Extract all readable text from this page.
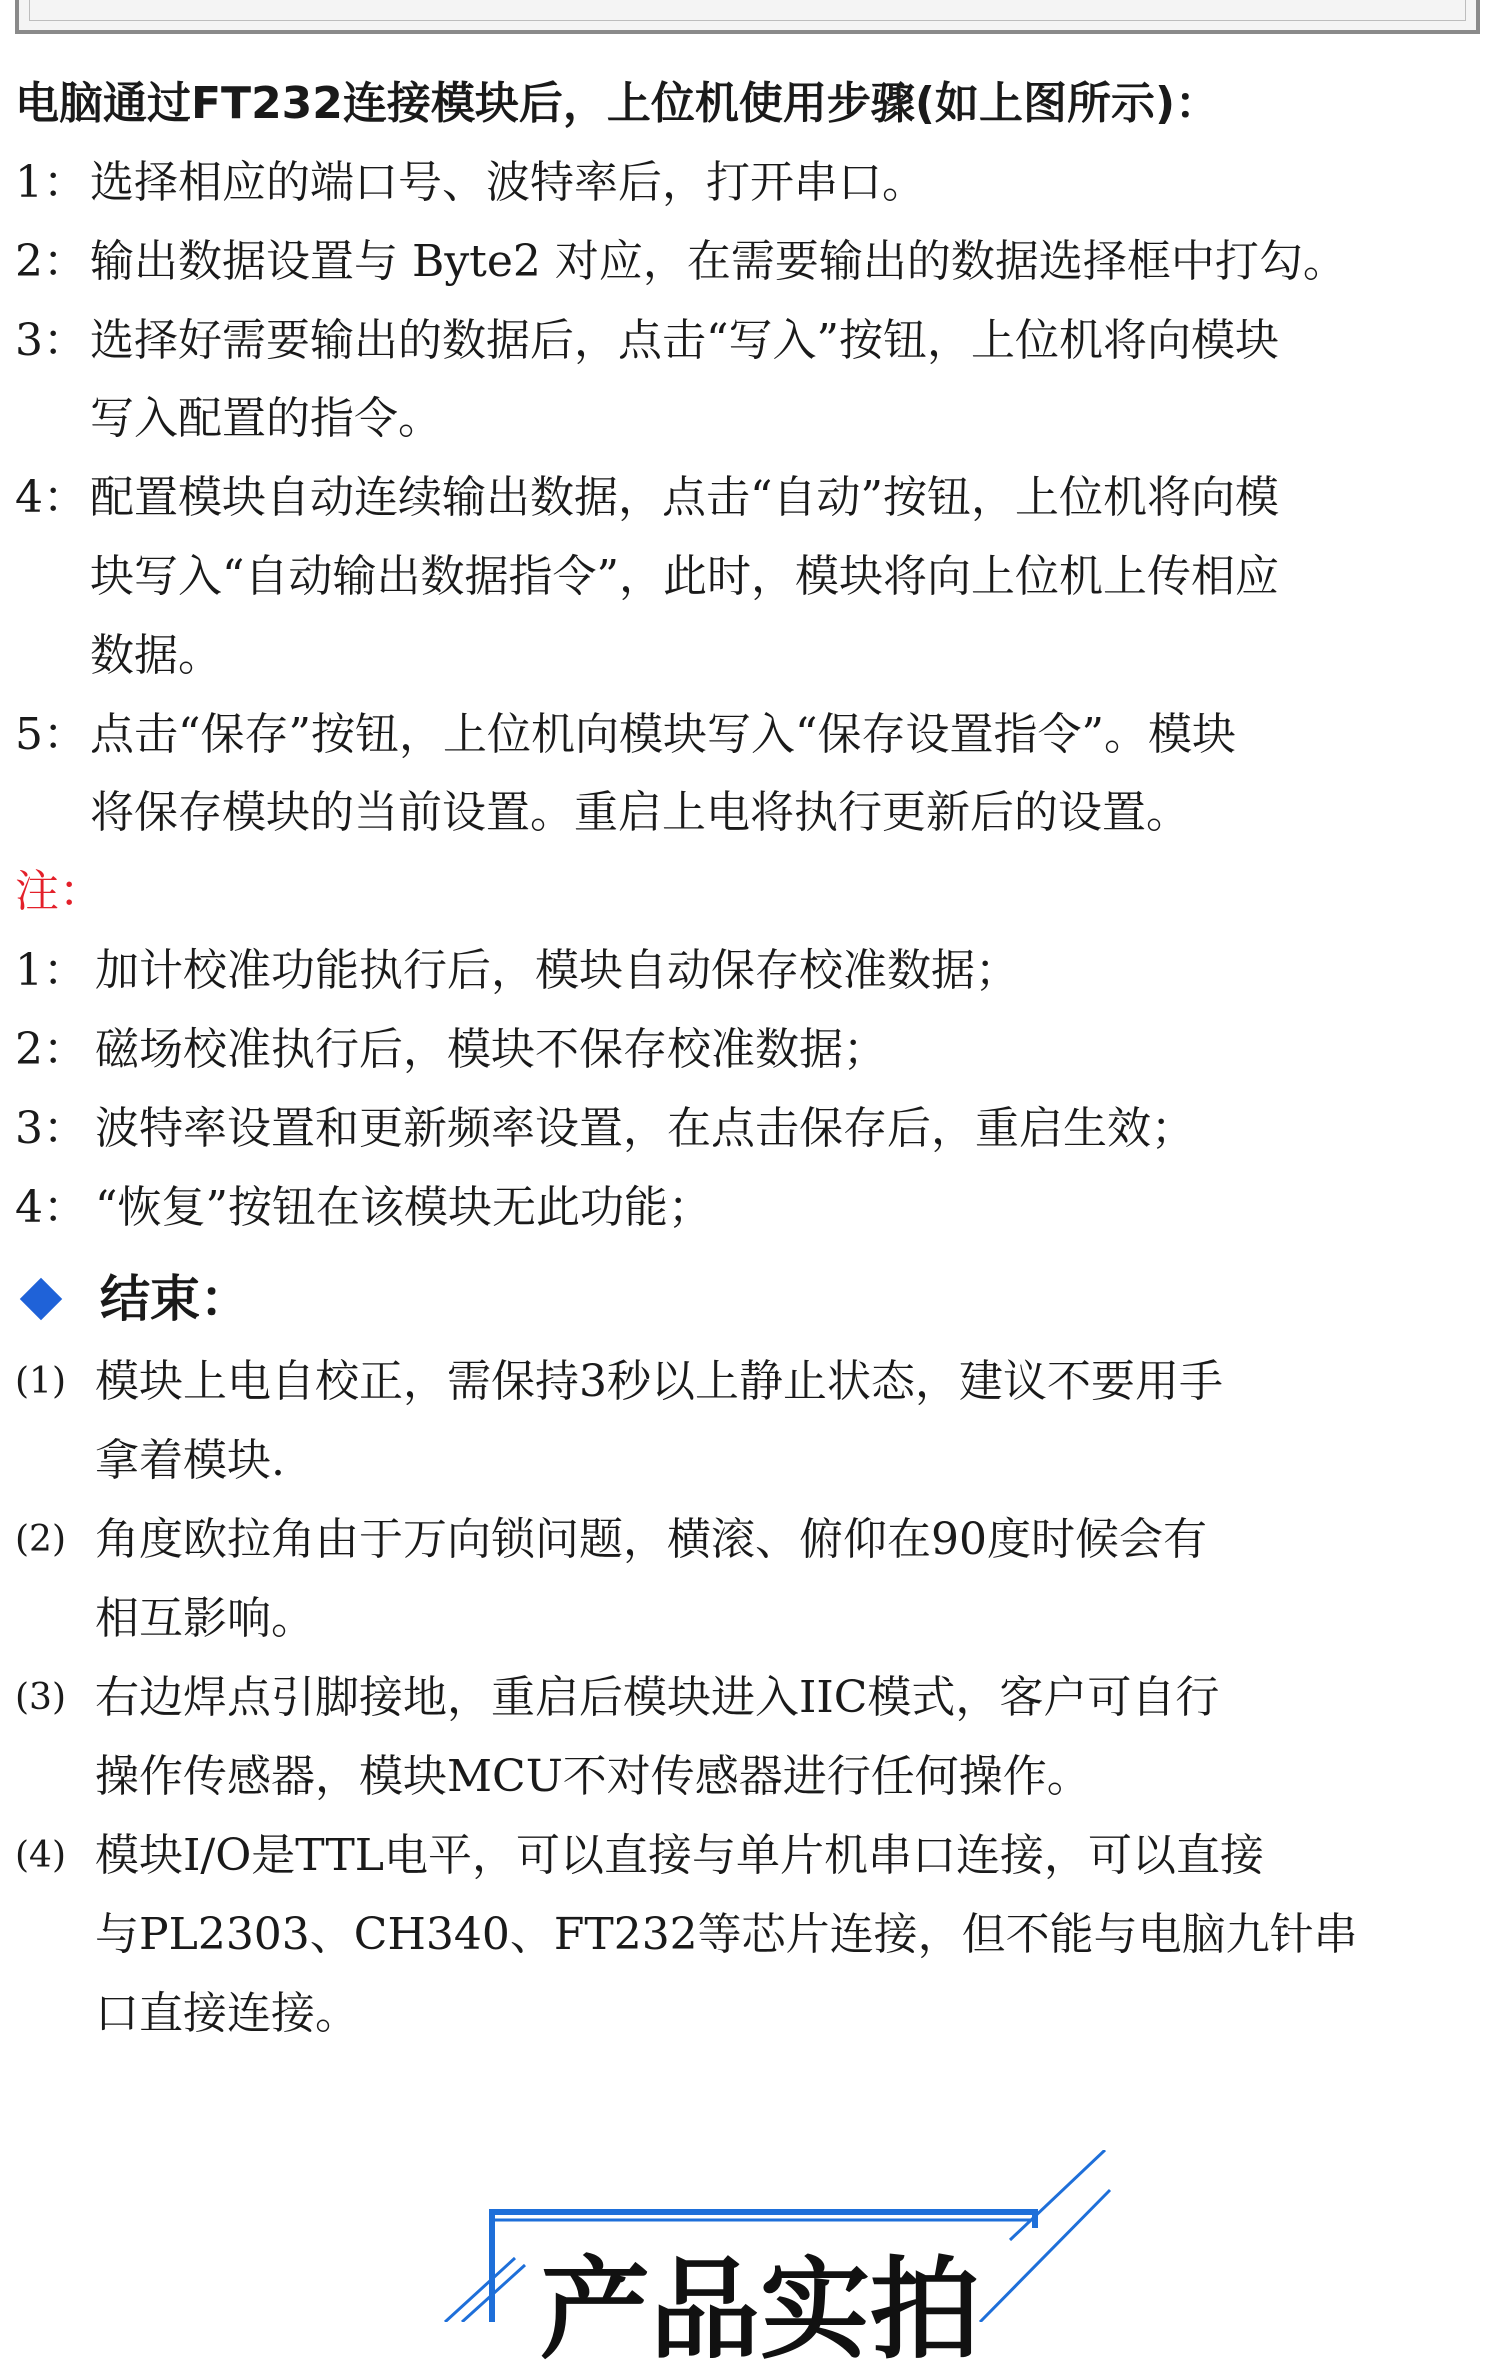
电脑通过FT232连接模块后，上位机使用步骤(如上图所示)：
1： 选择相应的端口号、波特率后，打开串口。
2： 输出数据设置与 Byte2 对应，在需要输出的数据选择框中打勾。
3： 选择好需要输出的数据后，点击“写入”按钮，上位机将向模块
写入配置的指令。
4： 配置模块自动连续输出数据，点击“自动”按钮，上位机将向模
块写入“自动输出数据指令”，此时，模块将向上位机上传相应
数据。
5： 点击“保存”按钮，上位机向模块写入“保存设置指令”。模块
将保存模块的当前设置。重启上电将执行更新后的设置。
注：
1： 加计校准功能执行后，模块自动保存校准数据；
2： 磁场校准执行后，模块不保存校准数据；
3： 波特率设置和更新频率设置，在点击保存后，重启生效；
4： “恢复”按钮在该模块无此功能；
结束：
(1) 模块上电自校正，需保持3秒以上静止状态，建议不要用手
拿着模块.
(2) 角度欧拉角由于万向锁问题，横滚、俯仰在90度时候会有
相互影响。
(3) 右边焊点引脚接地，重启后模块进入IIC模式，客户可自行
操作传感器，模块MCU不对传感器进行任何操作。
(4) 模块I/O是TTL电平，可以直接与单片机串口连接，可以直接
与PL2303、CH340、FT232等芯片连接，但不能与电脑九针串
口直接连接。
产品实拍
